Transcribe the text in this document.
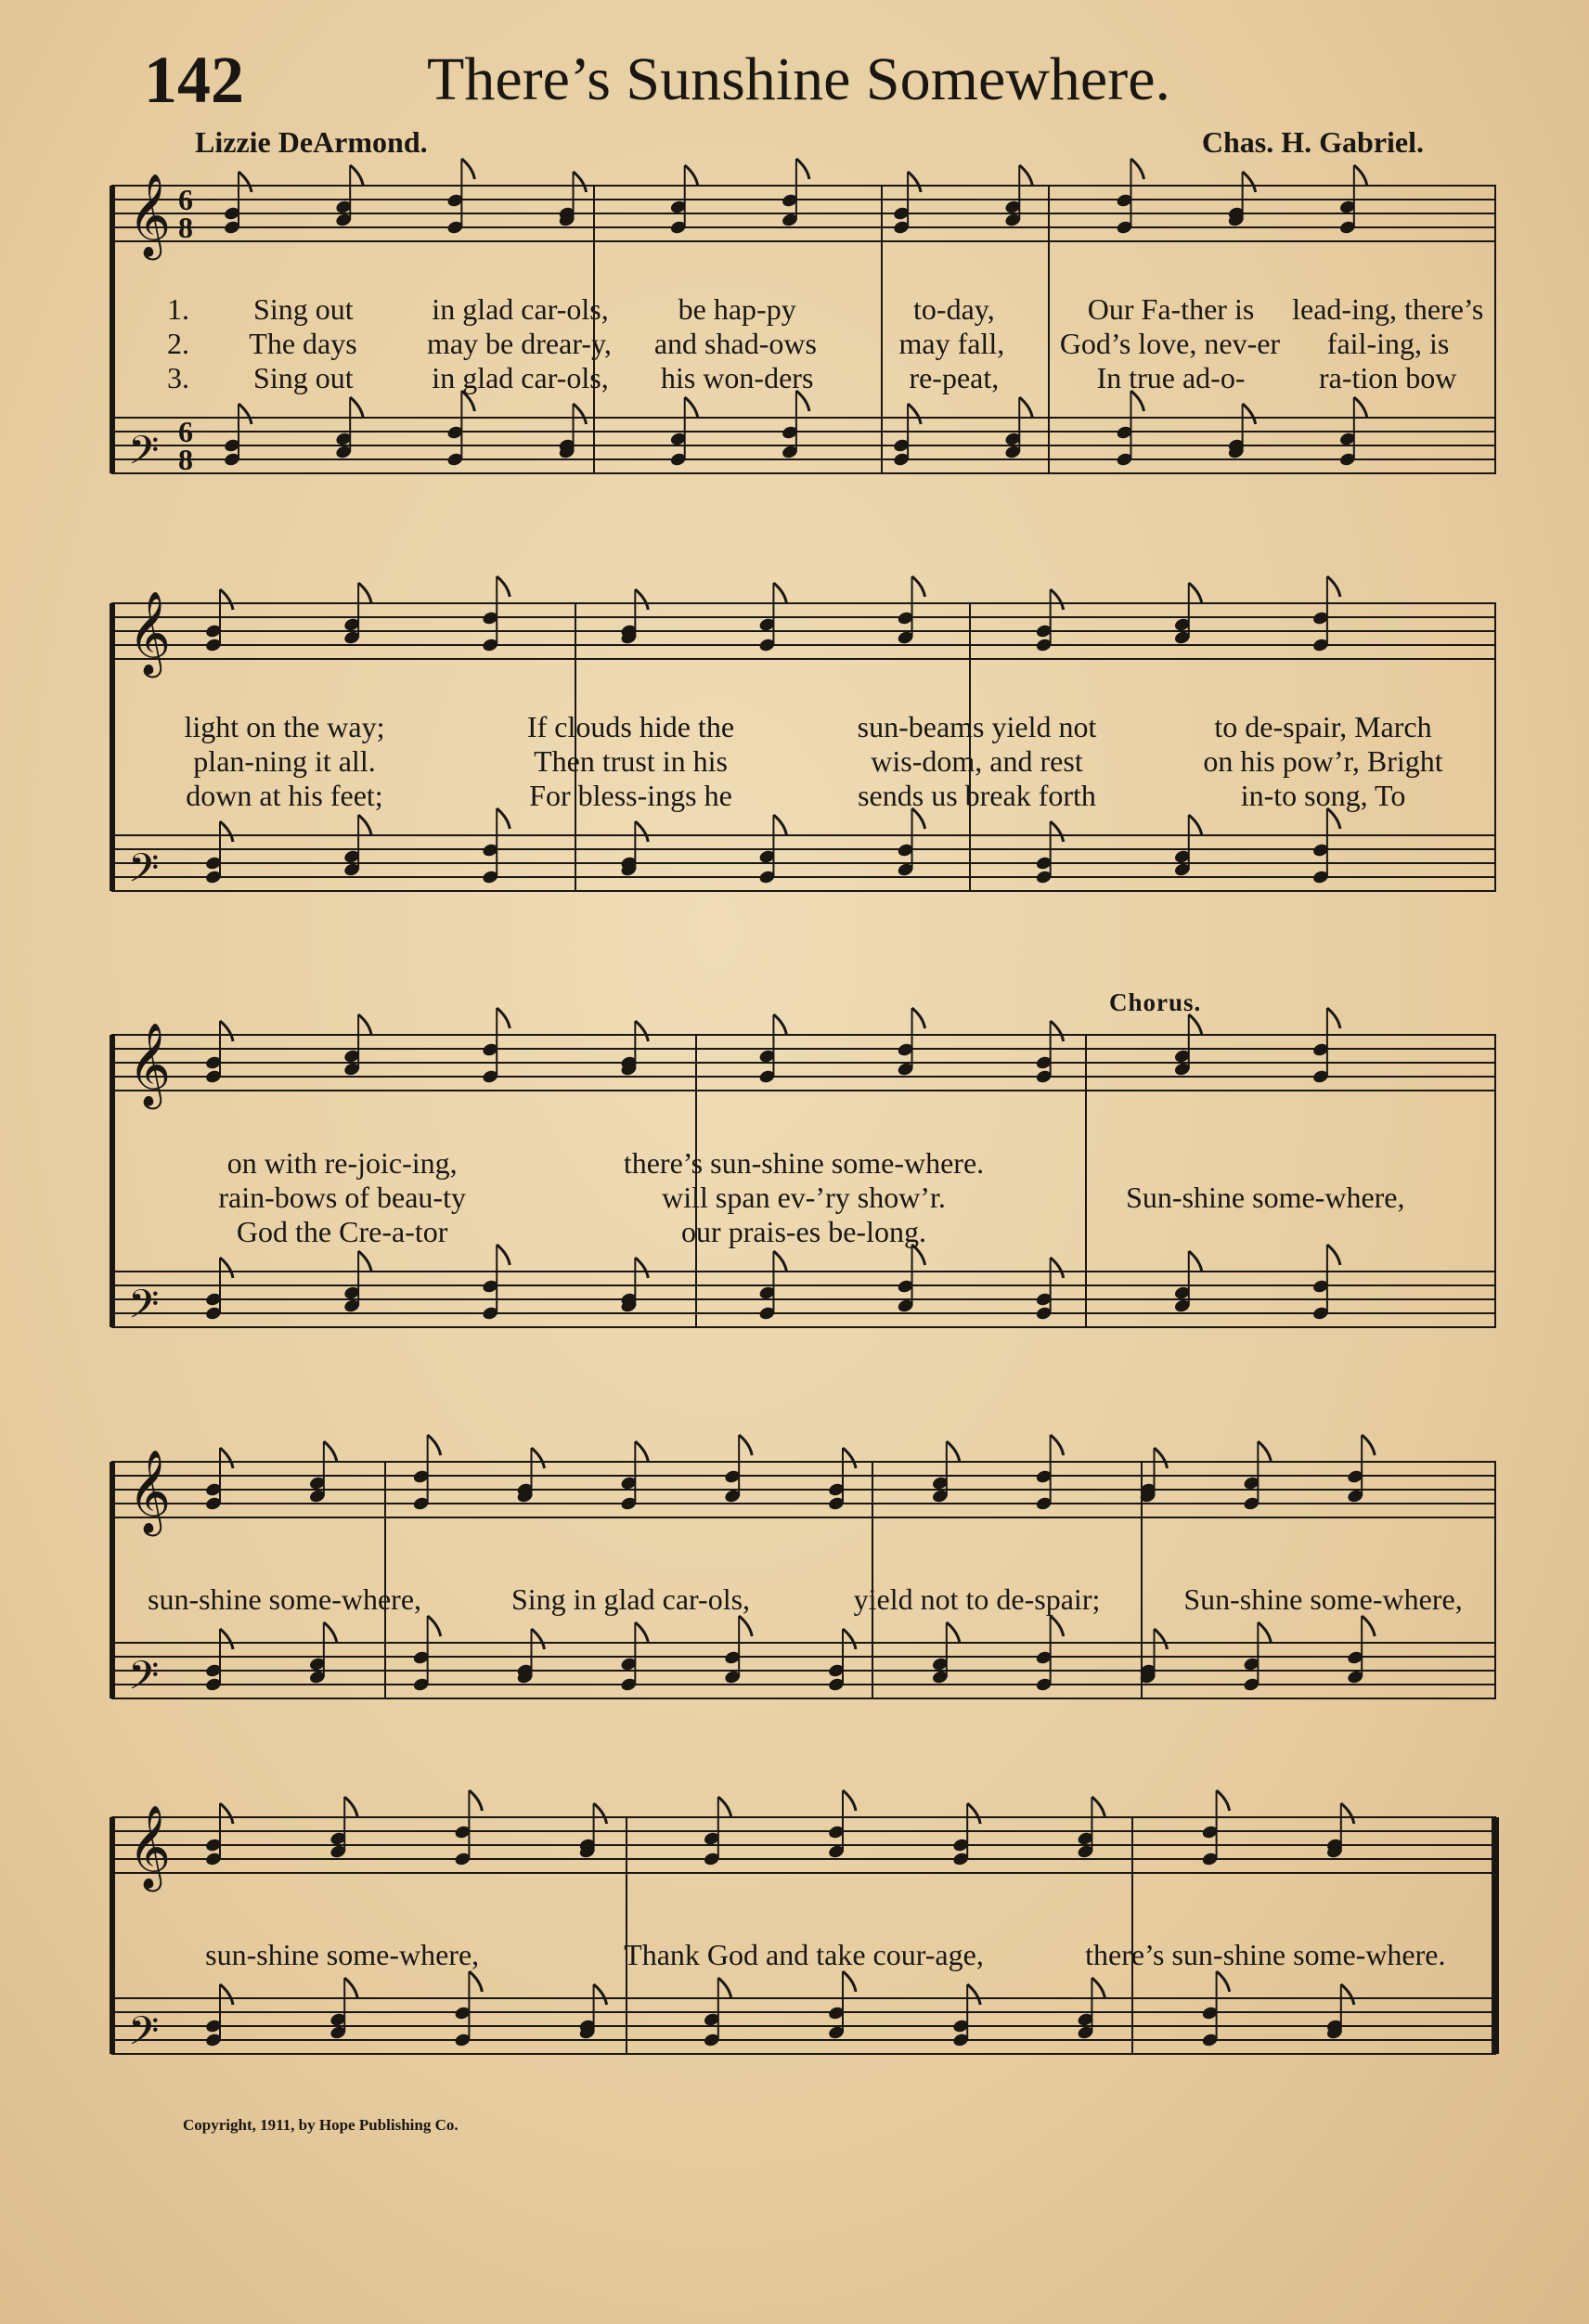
142	There’s Sunshine Somewhere.
Lizzie DeArmond.	Chas. H. Gabriel.
Chorus.
𝄞 6
8
𝄢 6
8
1.	Sing out	in glad car-ols,	be hap-py	to-day,	Our Fa-ther is	lead-ing, there’s
2.	The days	may be drear-y,	and shad-ows	may fall,	God’s love, nev-er	fail-ing, is
3.	Sing out	in glad car-ols,	his won-ders	re-peat,	In true ad-o-	ra-tion bow
𝄞
𝄢
light on the way;	If clouds hide the	sun-beams yield not	to de-spair, March
plan-ning it all.	Then trust in his	wis-dom, and rest	on his pow’r, Bright
down at his feet;	For bless-ings he	sends us break forth	in-to song, To
𝄞
𝄢
on with re-joic-ing,	there’s sun-shine some-where.
rain-bows of beau-ty	will span ev-’ry show’r.	Sun-shine some-where,
God the Cre-a-tor	our prais-es be-long.
𝄞
𝄢
sun-shine some-where,	Sing in glad car-ols,	yield not to de-spair;	Sun-shine some-where,
𝄞
𝄢
sun-shine some-where,	Thank God and take cour-age,	there’s sun-shine some-where.
Copyright, 1911, by Hope Publishing Co.
